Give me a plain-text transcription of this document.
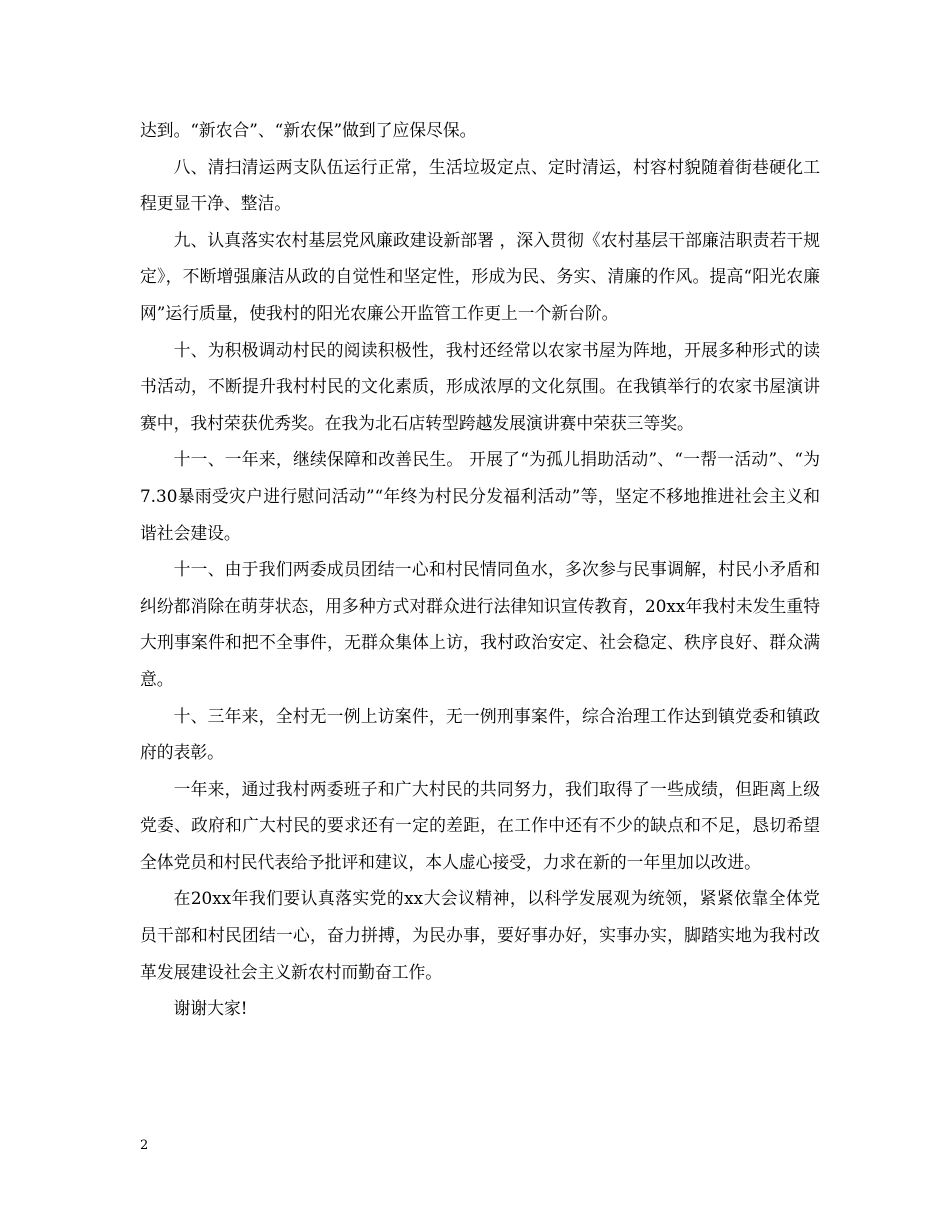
达到。“新农合”、“新农保”做到了应保尽保。

八、清扫清运两支队伍运行正常，生活垃圾定点、定时清运，村容村貌随着街巷硬化工程更显干净、整洁。

九、认真落实农村基层党风廉政建设新部署 ，深入贯彻《农村基层干部廉洁职责若干规定》，不断增强廉洁从政的自觉性和坚定性，形成为民、务实、清廉的作风。提高“阳光农廉网”运行质量，使我村的阳光农廉公开监管工作更上一个新台阶。

十、为积极调动村民的阅读积极性，我村还经常以农家书屋为阵地，开展多种形式的读书活动，不断提升我村村民的文化素质，形成浓厚的文化氛围。在我镇举行的农家书屋演讲赛中，我村荣获优秀奖。在我为北石店转型跨越发展演讲赛中荣获三等奖。

十一、一年来，继续保障和改善民生。 开展了“为孤儿捐助活动”、“一帮一活动”、“为7.30暴雨受灾户进行慰问活动”“年终为村民分发福利活动”等，坚定不移地推进社会主义和谐社会建设。

十一、由于我们两委成员团结一心和村民情同鱼水，多次参与民事调解，村民小矛盾和纠纷都消除在萌芽状态，用多种方式对群众进行法律知识宣传教育，20xx年我村未发生重特大刑事案件和把不全事件，无群众集体上访，我村政治安定、社会稳定、秩序良好、群众满意。

十、三年来，全村无一例上访案件，无一例刑事案件，综合治理工作达到镇党委和镇政府的表彰。

一年来，通过我村两委班子和广大村民的共同努力，我们取得了一些成绩，但距离上级党委、政府和广大村民的要求还有一定的差距，在工作中还有不少的缺点和不足，恳切希望全体党员和村民代表给予批评和建议，本人虚心接受，力求在新的一年里加以改进。

在20xx年我们要认真落实党的xx大会议精神，以科学发展观为统领，紧紧依靠全体党员干部和村民团结一心，奋力拼搏，为民办事，要好事办好，实事办实，脚踏实地为我村改革发展建设社会主义新农村而勤奋工作。

谢谢大家!

2
